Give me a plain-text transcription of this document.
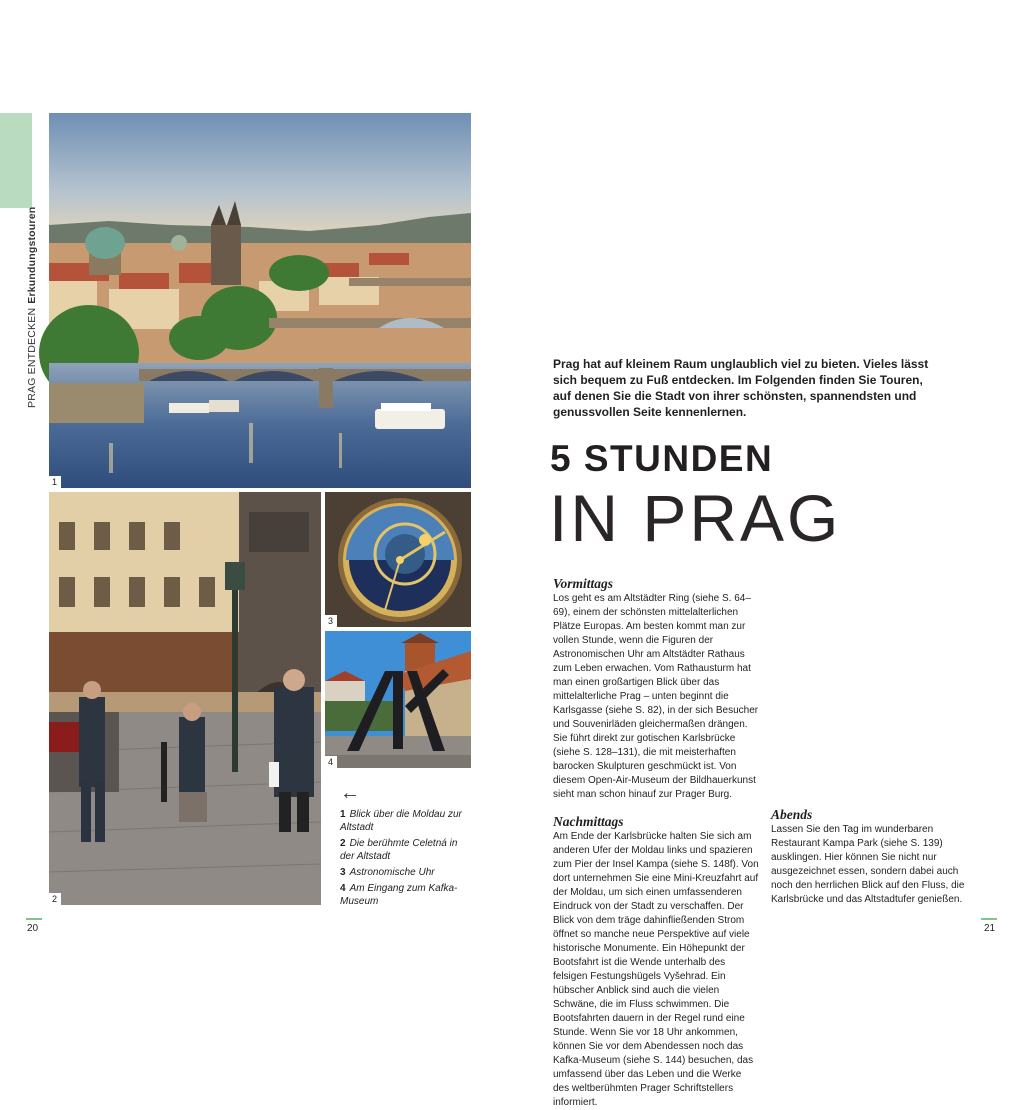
PRAG ENTDECKENErkundungstouren
1
2
3
4
←
1 Blick über die Moldau zur Altstadt
2 Die berühmte Celetná in der Altstadt
3 Astronomische Uhr
4 Am Eingang zum Kafka-Museum
20	21
Prag hat auf kleinem Raum unglaublich viel zu bieten. Vieles lässt sich bequem zu Fuß entdecken. Im Folgenden finden Sie Touren, auf denen Sie die Stadt von ihrer schönsten, spannendsten und genussvollen Seite kennenlernen.
5 STUNDEN
IN PRAG
Vormittags

Los geht es am Altstädter Ring (siehe S. 64–69), einem der schönsten mittelalterlichen Plätze Europas. Am besten kommt man zur vollen Stunde, wenn die Figuren der Astronomischen Uhr am Altstädter Rathaus zum Leben erwachen. Vom Rathausturm hat man einen großartigen Blick über das mittelalterliche Prag – unten beginnt die Karlsgasse (siehe S. 82), in der sich Besucher und Souvenirläden gleichermaßen drängen. Sie führt direkt zur gotischen Karlsbrücke (siehe S. 128–131), die mit meisterhaften barocken Skulpturen geschmückt ist. Von diesem Open-Air-Museum der Bildhauerkunst sieht man schon hinauf zur Prager Burg.

Nachmittags

Am Ende der Karlsbrücke halten Sie sich am anderen Ufer der Moldau links und spazieren zum Pier der Insel Kampa (siehe S. 148f). Von dort unternehmen Sie eine Mini-Kreuzfahrt auf der Moldau, um sich einen umfassenderen Eindruck von der Stadt zu verschaffen. Der Blick von dem träge dahinfließenden Strom öffnet so manche neue Perspektive auf viele historische Monumente. Ein Höhepunkt der Bootsfahrt ist die Wende unterhalb des felsigen Festungshügels Vyšehrad. Ein hübscher Anblick sind auch die vielen Schwäne, die im Fluss schwimmen. Die Bootsfahrten dauern in der Regel rund eine Stunde. Wenn Sie vor 18 Uhr ankommen, können Sie vor dem Abendessen noch das Kafka-Museum (siehe S. 144) besuchen, das umfassend über das Leben und die Werke des weltberühmten Prager Schriftstellers informiert.

Abends

Lassen Sie den Tag im wunderbaren Restaurant Kampa Park (siehe S. 139) ausklingen. Hier können Sie nicht nur ausgezeichnet essen, sondern dabei auch noch den herrlichen Blick auf den Fluss, die Karlsbrücke und das Altstadtufer genießen.
